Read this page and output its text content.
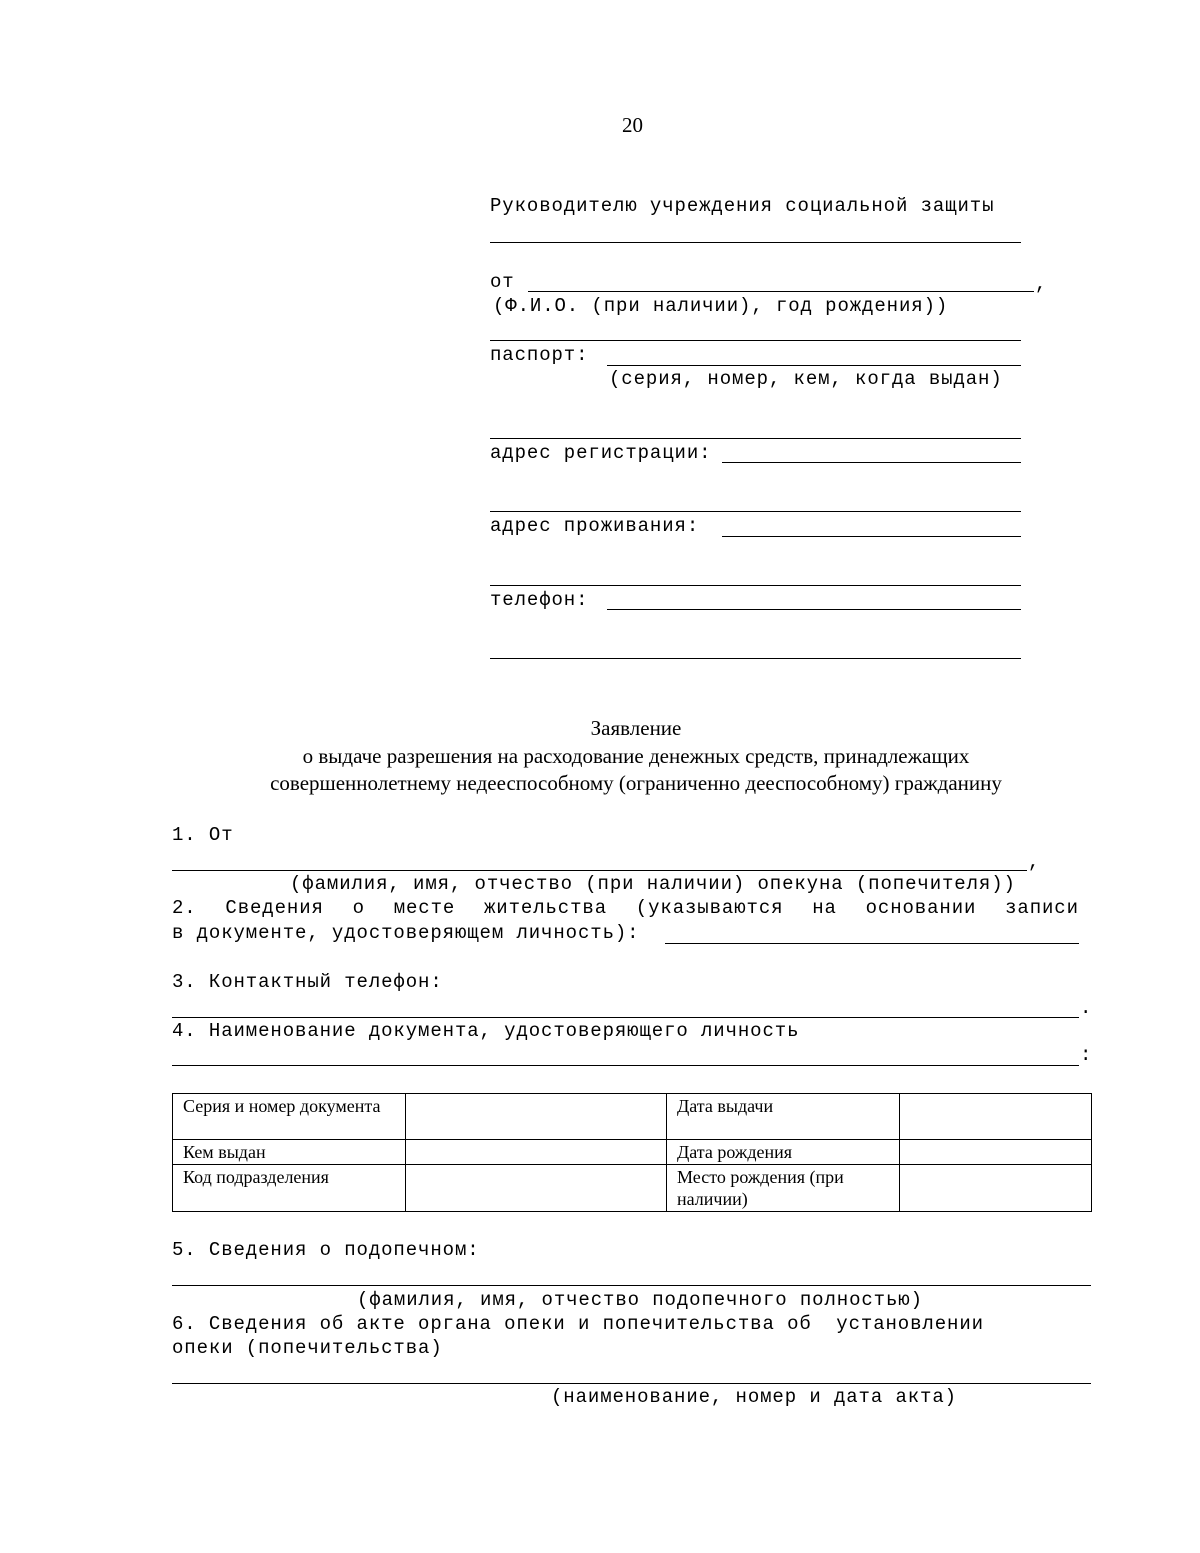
20
Руководителю учреждения социальной защиты
от	,
(Ф.И.О. (при наличии), год рождения))
паспорт:
(серия, номер, кем, когда выдан)
адрес регистрации:
адрес проживания:
телефон:
Заявление
о выдаче разрешения на расходование денежных средств, принадлежащих
совершеннолетнему недееспособному (ограниченно дееспособному) гражданину
1. От
,
(фамилия, имя, отчество (при наличии) опекуна (попечителя))
2. Сведения о месте жительства (указываются на основании записи
в документе, удостоверяющем личность):
3. Контактный телефон:
.
4. Наименование документа, удостоверяющего личность
:
Серия и номер документа		Дата выдачи	
Кем выдан		Дата рождения	
Код подразделения		Место рождения (при наличии)	
5. Сведения о подопечном:
(фамилия, имя, отчество подопечного полностью)
6. Сведения об акте органа опеки и попечительства об  установлении
опеки (попечительства)
(наименование, номер и дата акта)
